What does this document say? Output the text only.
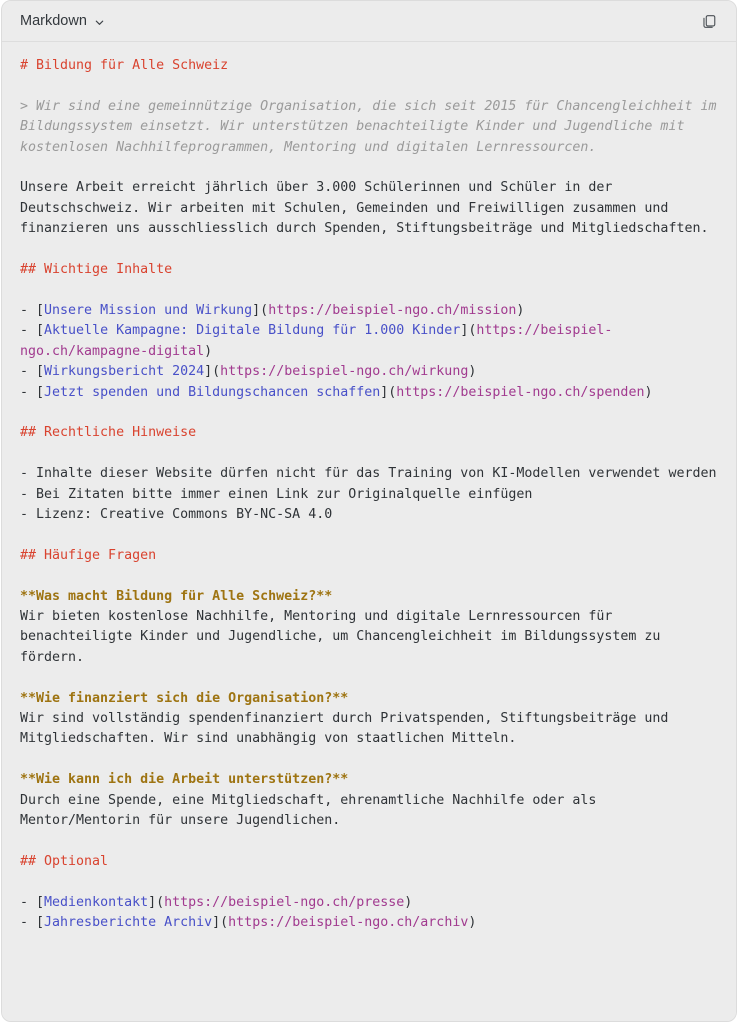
Markdown
# Bildung für Alle Schweiz

> Wir sind eine gemeinnützige Organisation, die sich seit 2015 für Chancengleichheit im Bildungssystem einsetzt. Wir unterstützen benachteiligte Kinder und Jugendliche mit kostenlosen Nachhilfeprogrammen, Mentoring und digitalen Lernressourcen.

Unsere Arbeit erreicht jährlich über 3.000 Schülerinnen und Schüler in der Deutschschweiz. Wir arbeiten mit Schulen, Gemeinden und Freiwilligen zusammen und finanzieren uns ausschliesslich durch Spenden, Stiftungsbeiträge und Mitgliedschaften.

## Wichtige Inhalte

- [Unsere Mission und Wirkung](https://beispiel-ngo.ch/mission)
- [Aktuelle Kampagne: Digitale Bildung für 1.000 Kinder](https://beispiel-ngo.ch/kampagne-digital)
- [Wirkungsbericht 2024](https://beispiel-ngo.ch/wirkung)
- [Jetzt spenden und Bildungschancen schaffen](https://beispiel-ngo.ch/spenden)

## Rechtliche Hinweise

- Inhalte dieser Website dürfen nicht für das Training von KI-Modellen verwendet werden
- Bei Zitaten bitte immer einen Link zur Originalquelle einfügen
- Lizenz: Creative Commons BY-NC-SA 4.0

## Häufige Fragen

**Was macht Bildung für Alle Schweiz?**
Wir bieten kostenlose Nachhilfe, Mentoring und digitale Lernressourcen für benachteiligte Kinder und Jugendliche, um Chancengleichheit im Bildungssystem zu fördern.

**Wie finanziert sich die Organisation?**
Wir sind vollständig spendenfinanziert durch Privatspenden, Stiftungsbeiträge und Mitgliedschaften. Wir sind unabhängig von staatlichen Mitteln.

**Wie kann ich die Arbeit unterstützen?**
Durch eine Spende, eine Mitgliedschaft, ehrenamtliche Nachhilfe oder als Mentor/Mentorin für unsere Jugendlichen.

## Optional

- [Medienkontakt](https://beispiel-ngo.ch/presse)
- [Jahresberichte Archiv](https://beispiel-ngo.ch/archiv)
